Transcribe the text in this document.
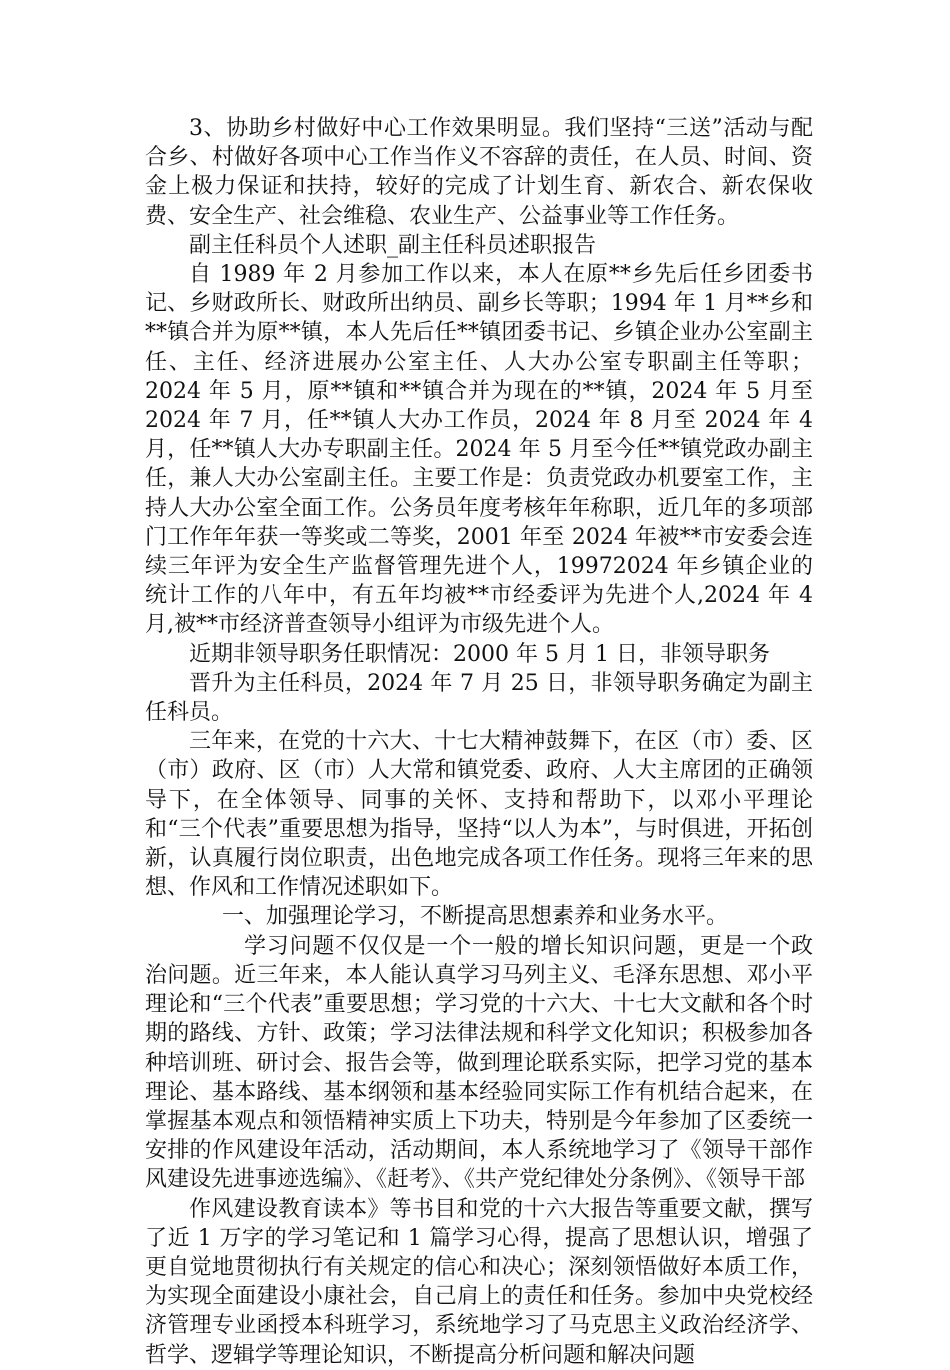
3、协助乡村做好中心工作效果明显。我们坚持“三送”活动与配合乡、村做好各项中心工作当作义不容辞的责任，在人员、时间、资金上极力保证和扶持，较好的完成了计划生育、新农合、新农保收费、安全生产、社会维稳、农业生产、公益事业等工作任务。

副主任科员个人述职_副主任科员述职报告

自 1989 年 2 月参加工作以来，本人在原**乡先后任乡团委书记、乡财政所长、财政所出纳员、副乡长等职；1994 年 1 月**乡和**镇合并为原**镇，本人先后任**镇团委书记、乡镇企业办公室副主任、主任、经济进展办公室主任、人大办公室专职副主任等职；2024 年 5 月，原**镇和**镇合并为现在的**镇，2024 年 5 月至 2024 年 7 月，任**镇人大办工作员，2024 年 8 月至 2024 年 4 月，任**镇人大办专职副主任。2024 年 5 月至今任**镇党政办副主任，兼人大办公室副主任。主要工作是：负责党政办机要室工作，主持人大办公室全面工作。公务员年度考核年年称职，近几年的多项部门工作年年获一等奖或二等奖，2001 年至 2024 年被**市安委会连续三年评为安全生产监督管理先进个人，19972024 年乡镇企业的统计工作的八年中，有五年均被**市经委评为先进个人,2024 年 4 月,被**市经济普查领导小组评为市级先进个人。

近期非领导职务任职情况：2000 年 5 月 1 日，非领导职务

晋升为主任科员，2024 年 7 月 25 日，非领导职务确定为副主任科员。

三年来，在党的十六大、十七大精神鼓舞下，在区（市）委、区（市）政府、区（市）人大常和镇党委、政府、人大主席团的正确领导下，在全体领导、同事的关怀、支持和帮助下，以邓小平理论和“三个代表”重要思想为指导，坚持“以人为本”，与时俱进，开拓创新，认真履行岗位职责，出色地完成各项工作任务。现将三年来的思想、作风和工作情况述职如下。

一、加强理论学习，不断提高思想素养和业务水平。

学习问题不仅仅是一个一般的增长知识问题，更是一个政治问题。近三年来，本人能认真学习马列主义、毛泽东思想、邓小平理论和“三个代表”重要思想；学习党的十六大、十七大文献和各个时期的路线、方针、政策；学习法律法规和科学文化知识；积极参加各种培训班、研讨会、报告会等，做到理论联系实际，把学习党的基本理论、基本路线、基本纲领和基本经验同实际工作有机结合起来，在掌握基本观点和领悟精神实质上下功夫，特别是今年参加了区委统一安排的作风建设年活动，活动期间，本人系统地学习了《领导干部作风建设先进事迹选编》、《赶考》、《共产党纪律处分条例》、《领导干部

作风建设教育读本》等书目和党的十六大报告等重要文献，撰写了近 1 万字的学习笔记和 1 篇学习心得，提高了思想认识，增强了更自觉地贯彻执行有关规定的信心和决心；深刻领悟做好本质工作，为实现全面建设小康社会，自己肩上的责任和任务。参加中央党校经济管理专业函授本科班学习，系统地学习了马克思主义政治经济学、哲学、逻辑学等理论知识，不断提高分析问题和解决问题
